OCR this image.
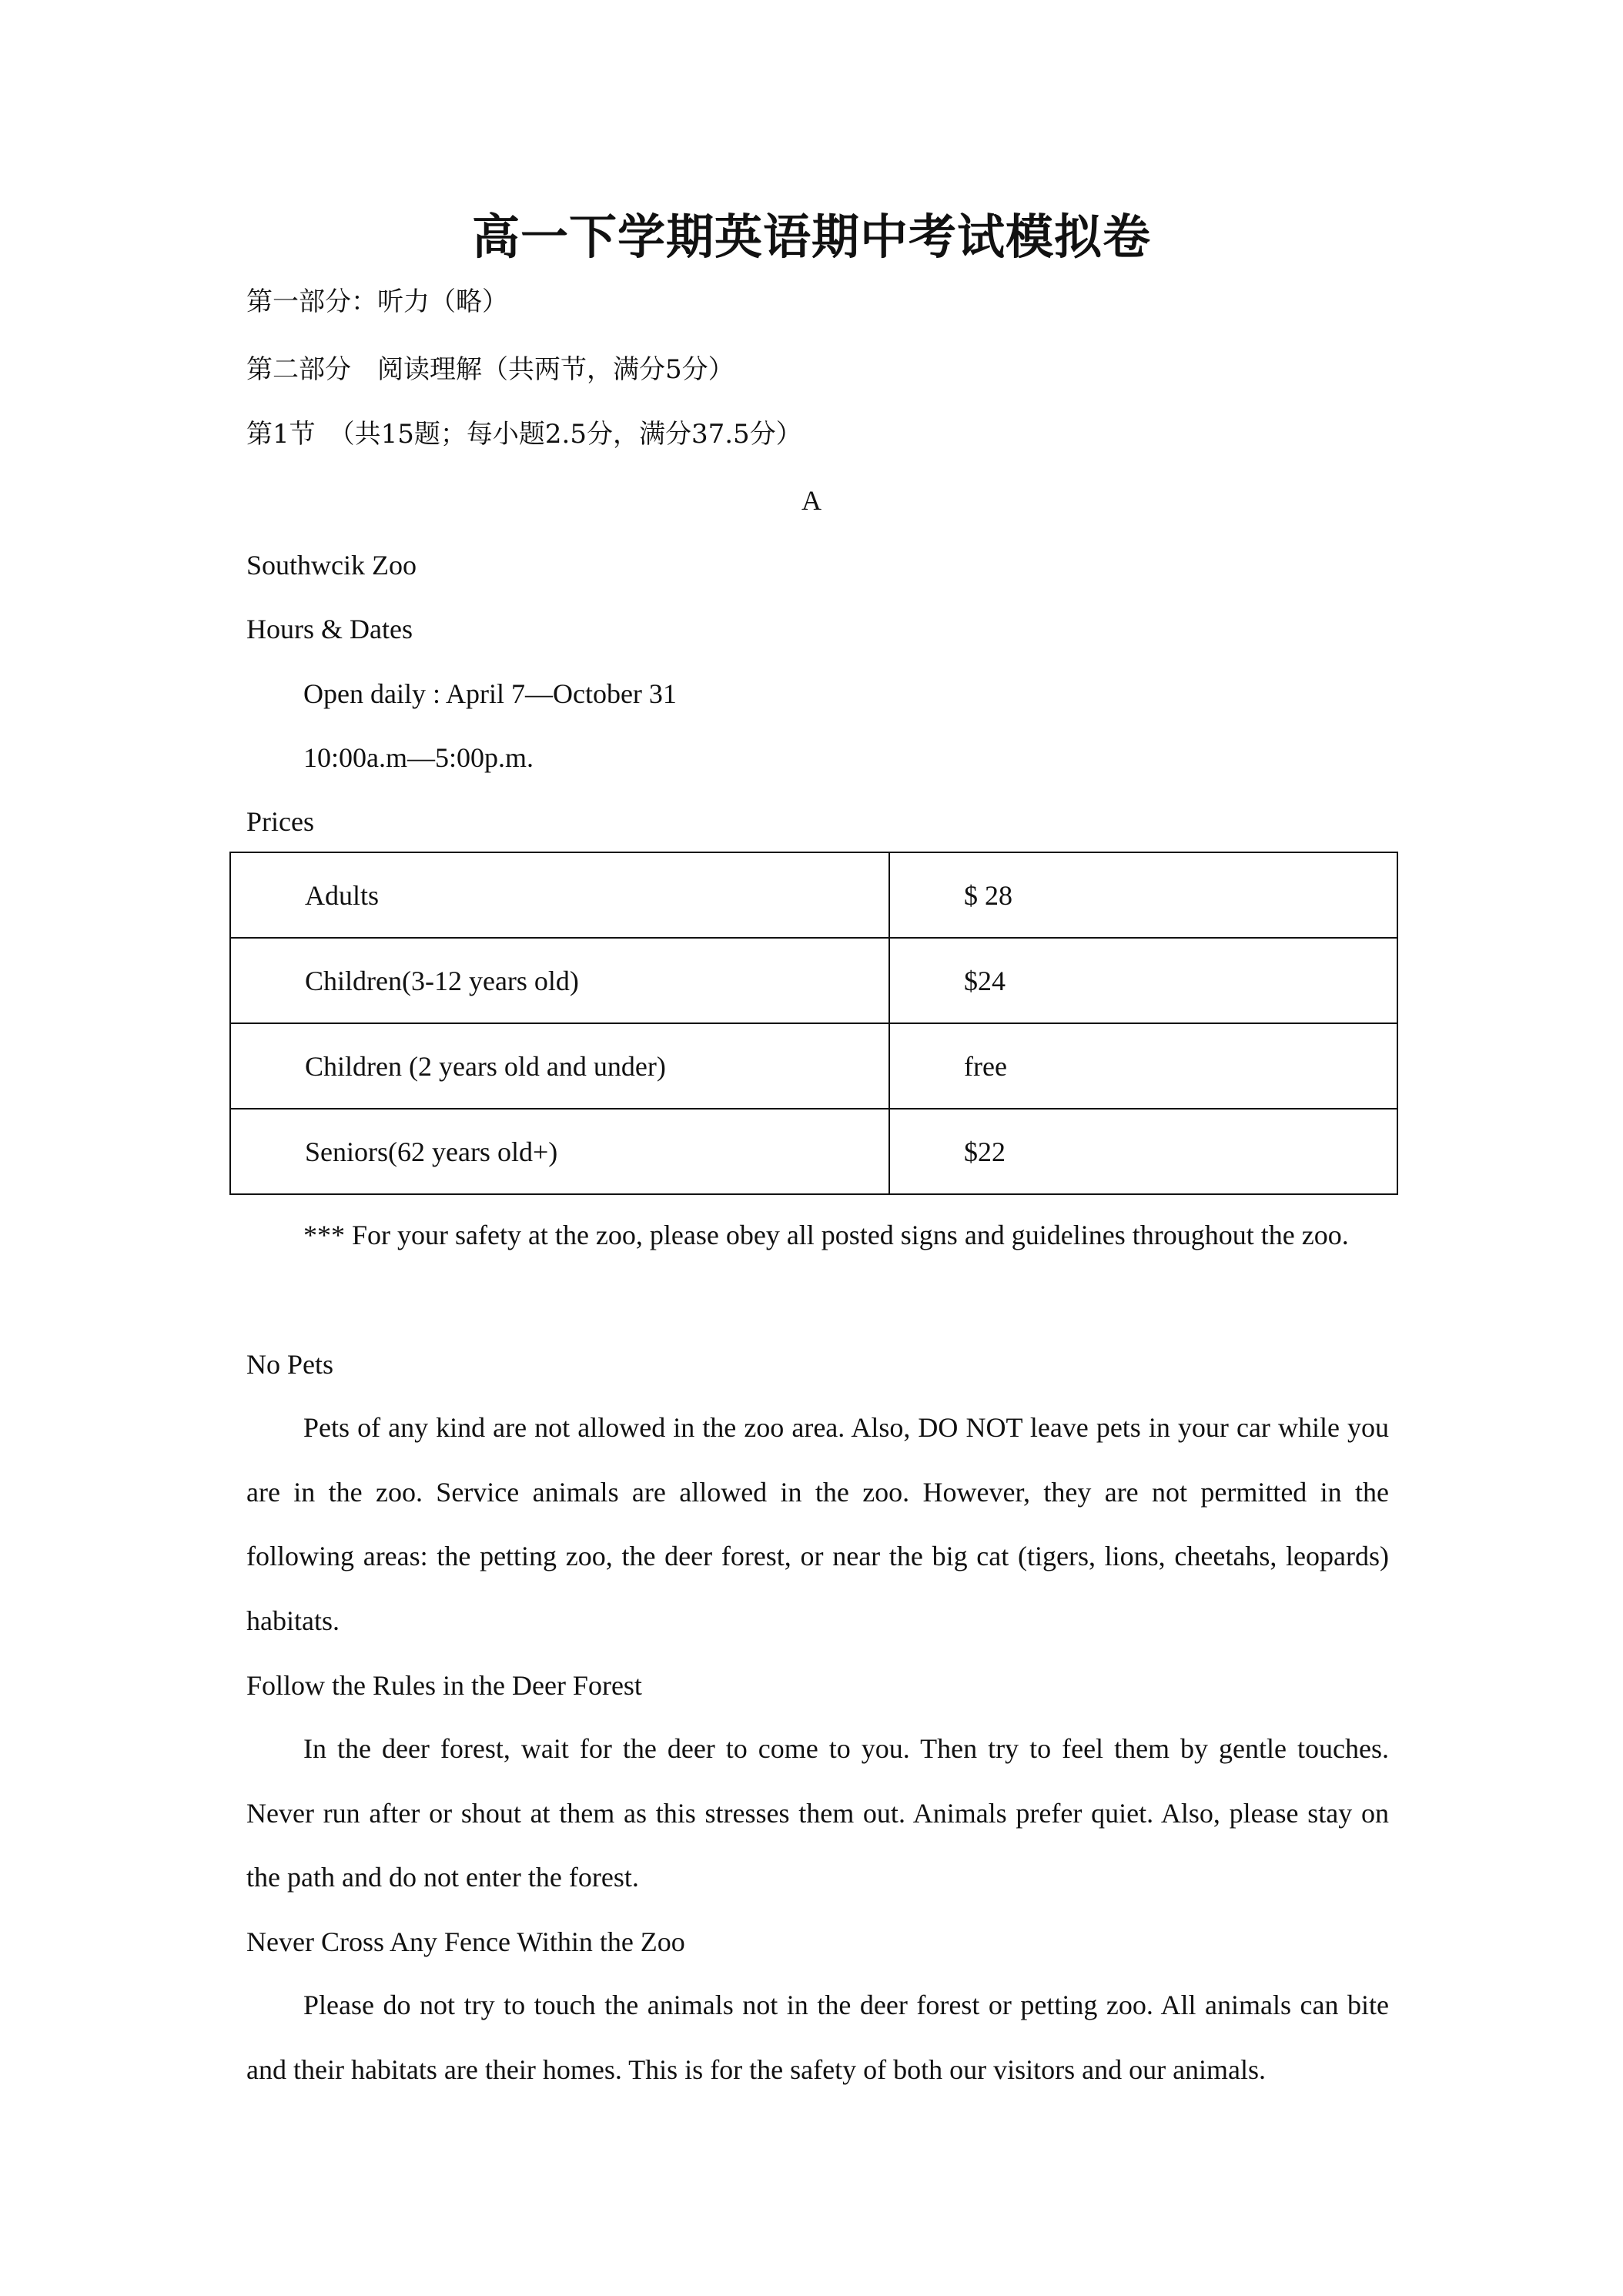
高一下学期英语期中考试模拟卷
第一部分：听力（略）
第二部分　阅读理解（共两节，满分5分）
第1节　（共15题；每小题2.5分，满分37.5分）
A
Southwcik Zoo
Hours & Dates
Open daily : April 7—October 31
10:00a.m—5:00p.m.
Prices
Adults	$ 28
Children(3-12 years old)	$24
Children (2 years old and under)	free
Seniors(62 years old+)	$22
*** For your safety at the zoo, please obey all posted signs and guidelines throughout the zoo.
No Pets
Pets of any kind are not allowed in the zoo area. Also, DO NOT leave pets in your car while you are in the zoo. Service animals are allowed in the zoo. However, they are not permitted in the following areas: the petting zoo, the deer forest, or near the big cat (tigers, lions, cheetahs, leopards) habitats.
Follow the Rules in the Deer Forest
In the deer forest, wait for the deer to come to you. Then try to feel them by gentle touches. Never run after or shout at them as this stresses them out. Animals prefer quiet. Also, please stay on the path and do not enter the forest.
Never Cross Any Fence Within the Zoo
Please do not try to touch the animals not in the deer forest or petting zoo. All animals can bite and their habitats are their homes. This is for the safety of both our visitors and our animals.
